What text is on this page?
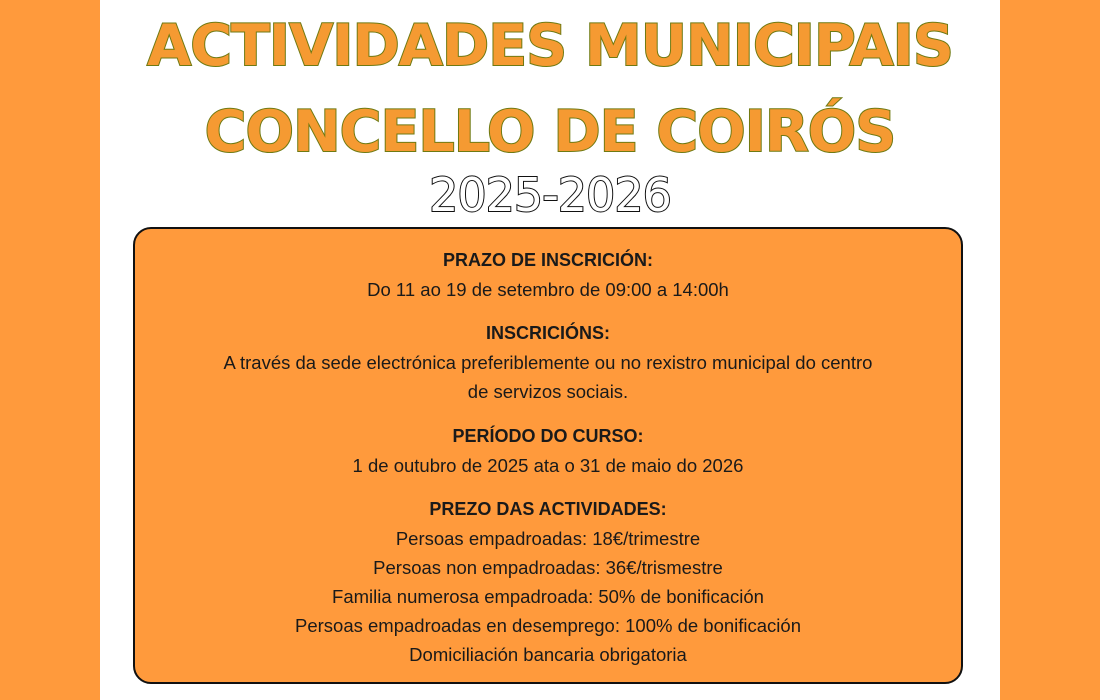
ACTIVIDADES MUNICIPAIS
CONCELLO DE COIRÓS
2025-2026
PRAZO DE INSCRICIÓN:
Do 11 ao 19 de setembro de 09:00 a 14:00h
INSCRICIÓNS:
A través da sede electrónica preferiblemente ou no rexistro municipal do centro
de servizos sociais.
PERÍODO DO CURSO:
1 de outubro de 2025 ata o 31 de maio do 2026
PREZO DAS ACTIVIDADES:
Persoas empadroadas: 18€/trimestre
Persoas non empadroadas: 36€/trismestre
Familia numerosa empadroada: 50% de bonificación
Persoas empadroadas en desemprego: 100% de bonificación
Domiciliación bancaria obrigatoria
